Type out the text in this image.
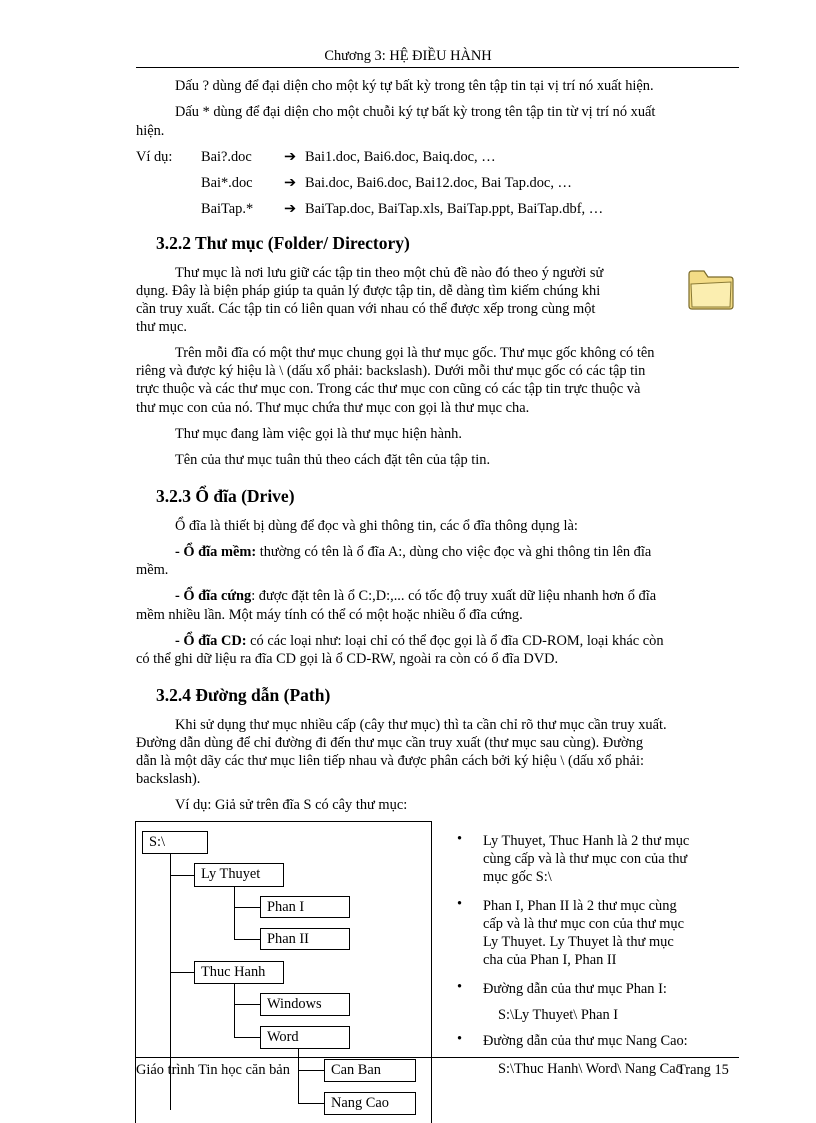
Chương 3: HỆ ĐIỀU HÀNH
Dấu ? dùng để đại diện cho một ký tự bất kỳ trong tên tập tin tại vị trí nó xuất hiện.
Dấu * dùng để đại diện cho một chuỗi ký tự bất kỳ trong tên tập tin từ vị trí nó xuất
hiện.
Ví dụ: Bai?.doc ➔ Bai1.doc, Bai6.doc, Baiq.doc, …
Bai*.doc ➔ Bai.doc, Bai6.doc, Bai12.doc, Bai Tap.doc, …
BaiTap.* ➔ BaiTap.doc, BaiTap.xls, BaiTap.ppt, BaiTap.dbf, …
3.2.2 Thư mục (Folder/ Directory)
Thư mục là nơi lưu giữ các tập tin theo một chủ đề nào đó theo ý người sử
dụng. Đây là biện pháp giúp ta quản lý được tập tin, dễ dàng tìm kiếm chúng khi
cần truy xuất. Các tập tin có liên quan với nhau có thể được xếp trong cùng một
thư mục.
Trên mỗi đĩa có một thư mục chung gọi là thư mục gốc. Thư mục gốc không có tên
riêng và được ký hiệu là \ (dấu xổ phải: backslash). Dưới mỗi thư mục gốc có các tập tin
trực thuộc và các thư mục con. Trong các thư mục con cũng có các tập tin trực thuộc và
thư mục con của nó. Thư mục chứa thư mục con gọi là thư mục cha.
Thư mục đang làm việc gọi là thư mục hiện hành.
Tên của thư mục tuân thủ theo cách đặt tên của tập tin.
3.2.3 Ổ đĩa (Drive)
Ổ đĩa là thiết bị dùng để đọc và ghi thông tin, các ổ đĩa thông dụng là:
- Ổ đĩa mềm: thường có tên là ổ đĩa A:, dùng cho việc đọc và ghi thông tin lên đĩa
mềm.
- Ổ đĩa cứng: được đặt tên là ổ C:,D:,... có tốc độ truy xuất dữ liệu nhanh hơn ổ đĩa
mềm nhiều lần. Một máy tính có thể có một hoặc nhiều ổ đĩa cứng.
- Ổ đĩa CD: có các loại như: loại chỉ có thể đọc gọi là ổ đĩa CD-ROM, loại khác còn
có thể ghi dữ liệu ra đĩa CD gọi là ổ CD-RW, ngoài ra còn có ổ đĩa DVD.
3.2.4 Đường dẫn (Path)
Khi sử dụng thư mục nhiều cấp (cây thư mục) thì ta cần chỉ rõ thư mục cần truy xuất.
Đường dẫn dùng để chỉ đường đi đến thư mục cần truy xuất (thư mục sau cùng). Đường
dẫn là một dãy các thư mục liên tiếp nhau và được phân cách bởi ký hiệu \ (dấu xổ phải:
backslash).
Ví dụ: Giả sử trên đĩa S có cây thư mục:
S:\
Ly Thuyet
Phan I
Phan II
Thuc Hanh
Windows
Word
Can Ban
Nang Cao
• Ly Thuyet, Thuc Hanh là 2 thư mục
cùng cấp và là thư mục con của thư
mục gốc S:\
• Phan I, Phan II là 2 thư mục cùng
cấp và là thư mục con của thư mục
Ly Thuyet. Ly Thuyet là thư mục
cha của Phan I, Phan II
• Đường dẫn của thư mục Phan I:
S:\Ly Thuyet\ Phan I
• Đường dẫn của thư mục Nang Cao:
S:\Thuc Hanh\ Word\ Nang Cao
Giáo trình Tin học căn bản	Trang 15
